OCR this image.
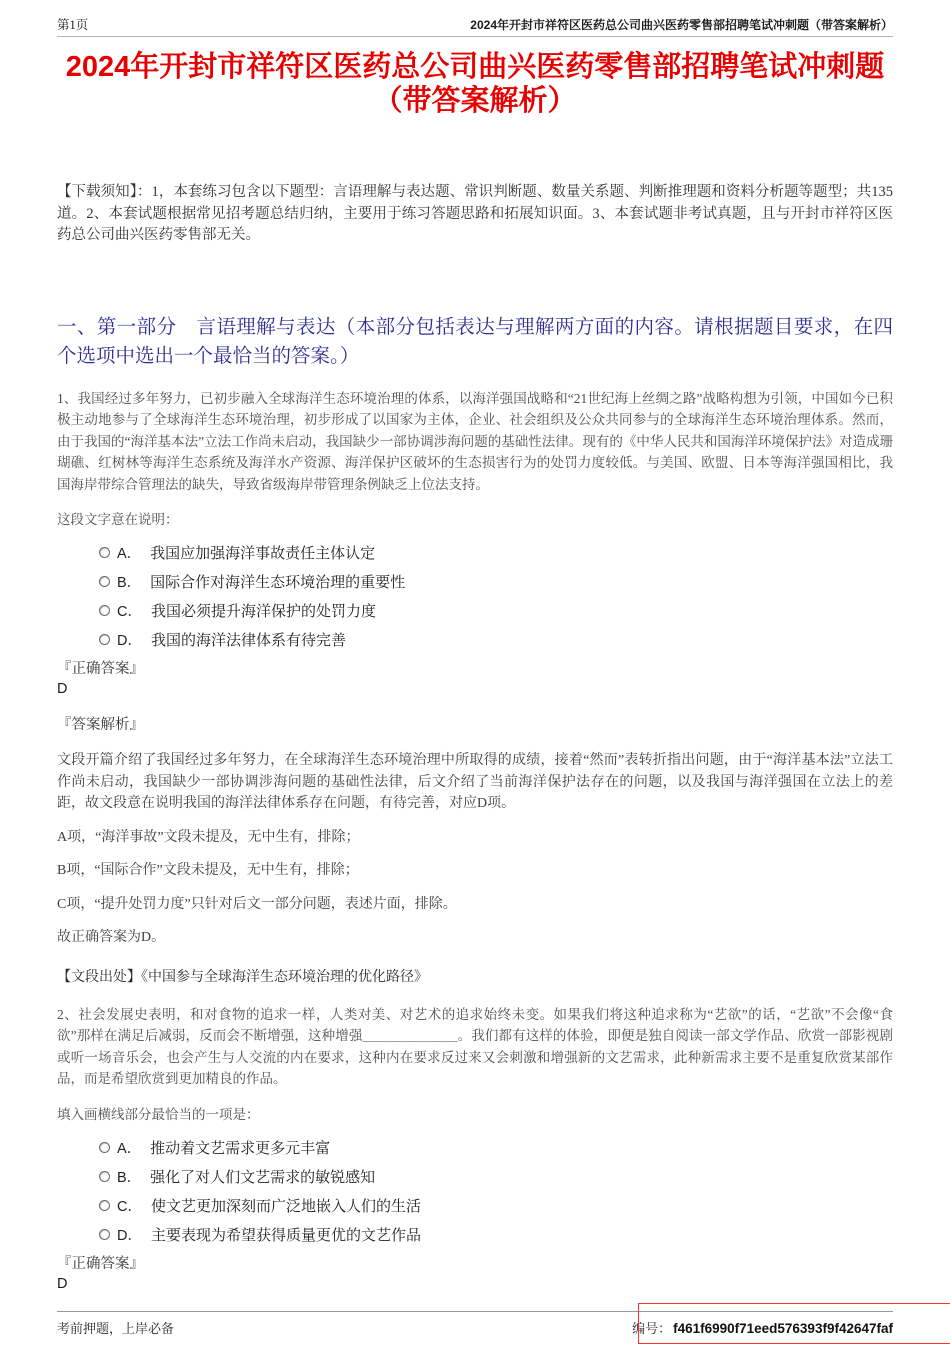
第1页	2024年开封市祥符区医药总公司曲兴医药零售部招聘笔试冲刺题（带答案解析）
2024年开封市祥符区医药总公司曲兴医药零售部招聘笔试冲刺题（带答案解析）

【下载须知】：1，本套练习包含以下题型：言语理解与表达题、常识判断题、数量关系题、判断推理题和资料分析题等题型；共135道。2、本套试题根据常见招考题总结归纳，主要用于练习答题思路和拓展知识面。3、本套试题非考试真题，且与开封市祥符区医药总公司曲兴医药零售部无关。

一、第一部分　言语理解与表达（本部分包括表达与理解两方面的内容。请根据题目要求，在四个选项中选出一个最恰当的答案。）

1、我国经过多年努力，已初步融入全球海洋生态环境治理的体系，以海洋强国战略和“21世纪海上丝绸之路”战略构想为引领，中国如今已积极主动地参与了全球海洋生态环境治理，初步形成了以国家为主体，企业、社会组织及公众共同参与的全球海洋生态环境治理体系。然而，由于我国的“海洋基本法”立法工作尚未启动，我国缺少一部协调涉海问题的基础性法律。现有的《中华人民共和国海洋环境保护法》对造成珊瑚礁、红树林等海洋生态系统及海洋水产资源、海洋保护区破坏的生态损害行为的处罚力度较低。与美国、欧盟、日本等海洋强国相比，我国海岸带综合管理法的缺失，导致省级海岸带管理条例缺乏上位法支持。

这段文字意在说明：

A． 我国应加强海洋事故责任主体认定
B． 国际合作对海洋生态环境治理的重要性
C． 我国必须提升海洋保护的处罚力度
D． 我国的海洋法律体系有待完善

『正确答案』

D

『答案解析』

文段开篇介绍了我国经过多年努力，在全球海洋生态环境治理中所取得的成绩，接着“然而”表转折指出问题，由于“海洋基本法”立法工作尚未启动，我国缺少一部协调涉海问题的基础性法律，后文介绍了当前海洋保护法存在的问题，以及我国与海洋强国在立法上的差距，故文段意在说明我国的海洋法律体系存在问题，有待完善，对应D项。

A项，“海洋事故”文段未提及，无中生有，排除；

B项，“国际合作”文段未提及，无中生有，排除；

C项，“提升处罚力度”只针对后文一部分问题，表述片面，排除。

故正确答案为D。

【文段出处】《中国参与全球海洋生态环境治理的优化路径》

2、社会发展史表明，和对食物的追求一样，人类对美、对艺术的追求始终未变。如果我们将这种追求称为“艺欲”的话，“艺欲”不会像“食欲”那样在满足后减弱，反而会不断增强，这种增强＿＿＿＿＿＿＿。我们都有这样的体验，即便是独自阅读一部文学作品、欣赏一部影视剧或听一场音乐会，也会产生与人交流的内在要求，这种内在要求反过来又会刺激和增强新的文艺需求，此种新需求主要不是重复欣赏某部作品，而是希望欣赏到更加精良的作品。

填入画横线部分最恰当的一项是：

A． 推动着文艺需求更多元丰富
B． 强化了对人们文艺需求的敏锐感知
C． 使文艺更加深刻而广泛地嵌入人们的生活
D． 主要表现为希望获得质量更优的文艺作品

『正确答案』

D

考前押题，上岸必备	编号： f461f6990f71eed576393f9f42647faf
